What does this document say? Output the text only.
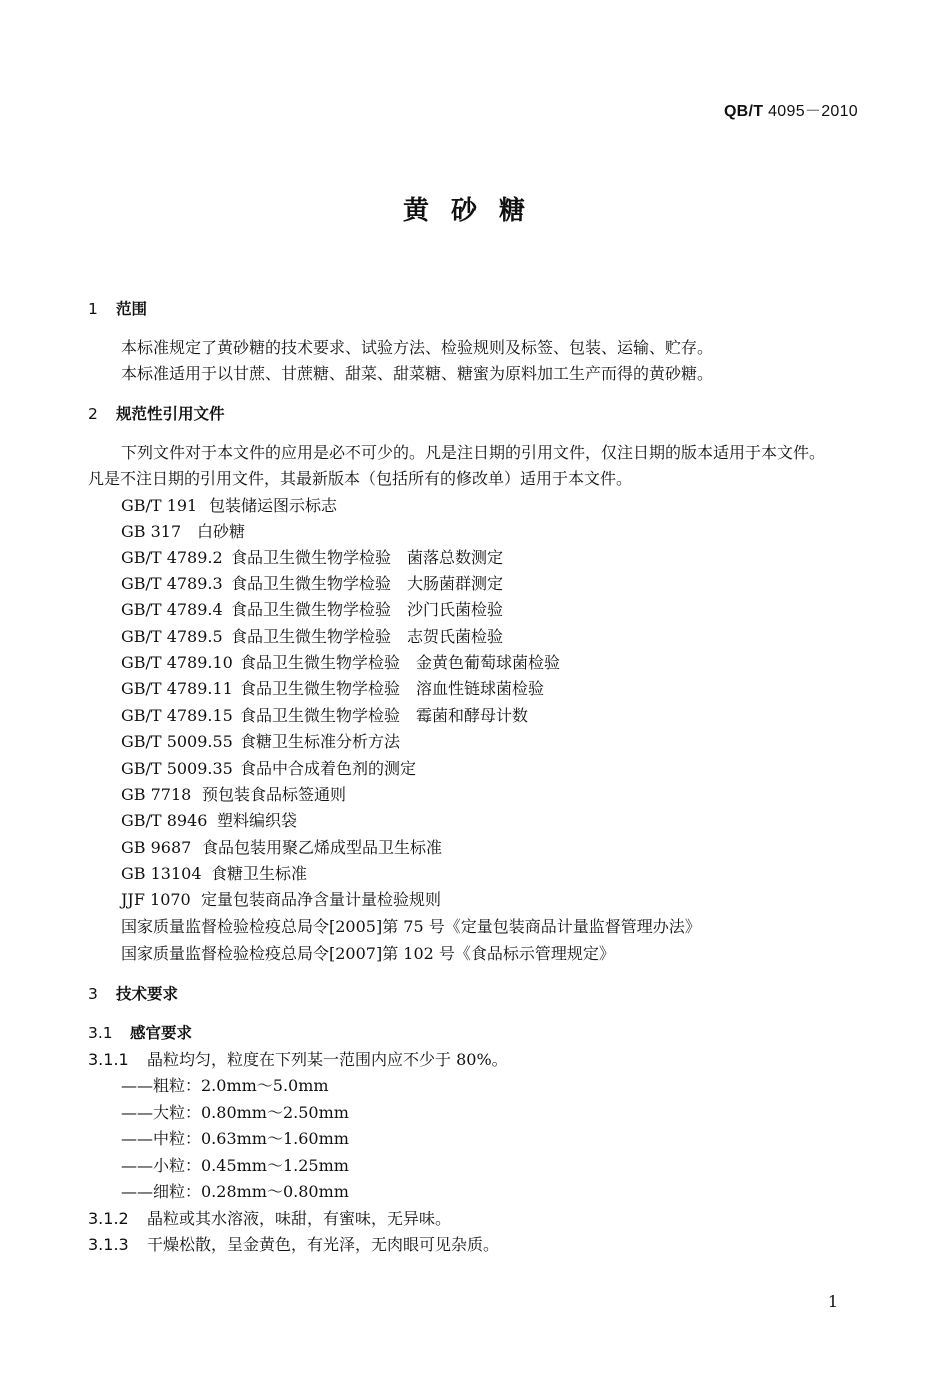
QB/T 4095－2010
黄砂糖
1 范围
本标准规定了黄砂糖的技术要求、试验方法、检验规则及标签、包装、运输、贮存。
本标准适用于以甘蔗、甘蔗糖、甜菜、甜菜糖、糖蜜为原料加工生产而得的黄砂糖。
2 规范性引用文件
下列文件对于本文件的应用是必不可少的。凡是注日期的引用文件，仅注日期的版本适用于本文件。
凡是不注日期的引用文件，其最新版本（包括所有的修改单）适用于本文件。
GB/T 191 包装储运图示标志
GB 317 白砂糖
GB/T 4789.2 食品卫生微生物学检验　菌落总数测定
GB/T 4789.3 食品卫生微生物学检验　大肠菌群测定
GB/T 4789.4 食品卫生微生物学检验　沙门氏菌检验
GB/T 4789.5 食品卫生微生物学检验　志贺氏菌检验
GB/T 4789.10 食品卫生微生物学检验　金黄色葡萄球菌检验
GB/T 4789.11 食品卫生微生物学检验　溶血性链球菌检验
GB/T 4789.15 食品卫生微生物学检验　霉菌和酵母计数
GB/T 5009.55 食糖卫生标准分析方法
GB/T 5009.35 食品中合成着色剂的测定
GB 7718 预包装食品标签通则
GB/T 8946 塑料编织袋
GB 9687 食品包装用聚乙烯成型品卫生标准
GB 13104 食糖卫生标准
JJF 1070 定量包装商品净含量计量检验规则
国家质量监督检验检疫总局令[2005]第 75 号《定量包装商品计量监督管理办法》
国家质量监督检验检疫总局令[2007]第 102 号《食品标示管理规定》
3 技术要求
3.1 感官要求
3.1.1 晶粒均匀，粒度在下列某一范围内应不少于 80%。
——粗粒：2.0mm～5.0mm
——大粒：0.80mm～2.50mm
——中粒：0.63mm～1.60mm
——小粒：0.45mm～1.25mm
——细粒：0.28mm～0.80mm
3.1.2 晶粒或其水溶液，味甜，有蜜味，无异味。
3.1.3 干燥松散，呈金黄色，有光泽，无肉眼可见杂质。
1
